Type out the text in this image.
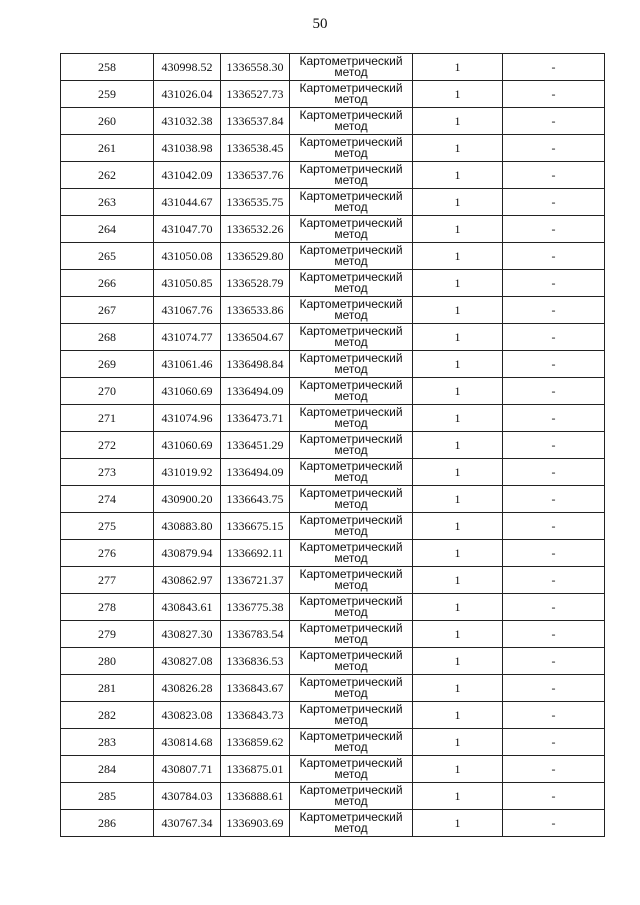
50
258	430998.52	1336558.30	Картометрический метод	1	-
259	431026.04	1336527.73	Картометрический метод	1	-
260	431032.38	1336537.84	Картометрический метод	1	-
261	431038.98	1336538.45	Картометрический метод	1	-
262	431042.09	1336537.76	Картометрический метод	1	-
263	431044.67	1336535.75	Картометрический метод	1	-
264	431047.70	1336532.26	Картометрический метод	1	-
265	431050.08	1336529.80	Картометрический метод	1	-
266	431050.85	1336528.79	Картометрический метод	1	-
267	431067.76	1336533.86	Картометрический метод	1	-
268	431074.77	1336504.67	Картометрический метод	1	-
269	431061.46	1336498.84	Картометрический метод	1	-
270	431060.69	1336494.09	Картометрический метод	1	-
271	431074.96	1336473.71	Картометрический метод	1	-
272	431060.69	1336451.29	Картометрический метод	1	-
273	431019.92	1336494.09	Картометрический метод	1	-
274	430900.20	1336643.75	Картометрический метод	1	-
275	430883.80	1336675.15	Картометрический метод	1	-
276	430879.94	1336692.11	Картометрический метод	1	-
277	430862.97	1336721.37	Картометрический метод	1	-
278	430843.61	1336775.38	Картометрический метод	1	-
279	430827.30	1336783.54	Картометрический метод	1	-
280	430827.08	1336836.53	Картометрический метод	1	-
281	430826.28	1336843.67	Картометрический метод	1	-
282	430823.08	1336843.73	Картометрический метод	1	-
283	430814.68	1336859.62	Картометрический метод	1	-
284	430807.71	1336875.01	Картометрический метод	1	-
285	430784.03	1336888.61	Картометрический метод	1	-
286	430767.34	1336903.69	Картометрический метод	1	-
